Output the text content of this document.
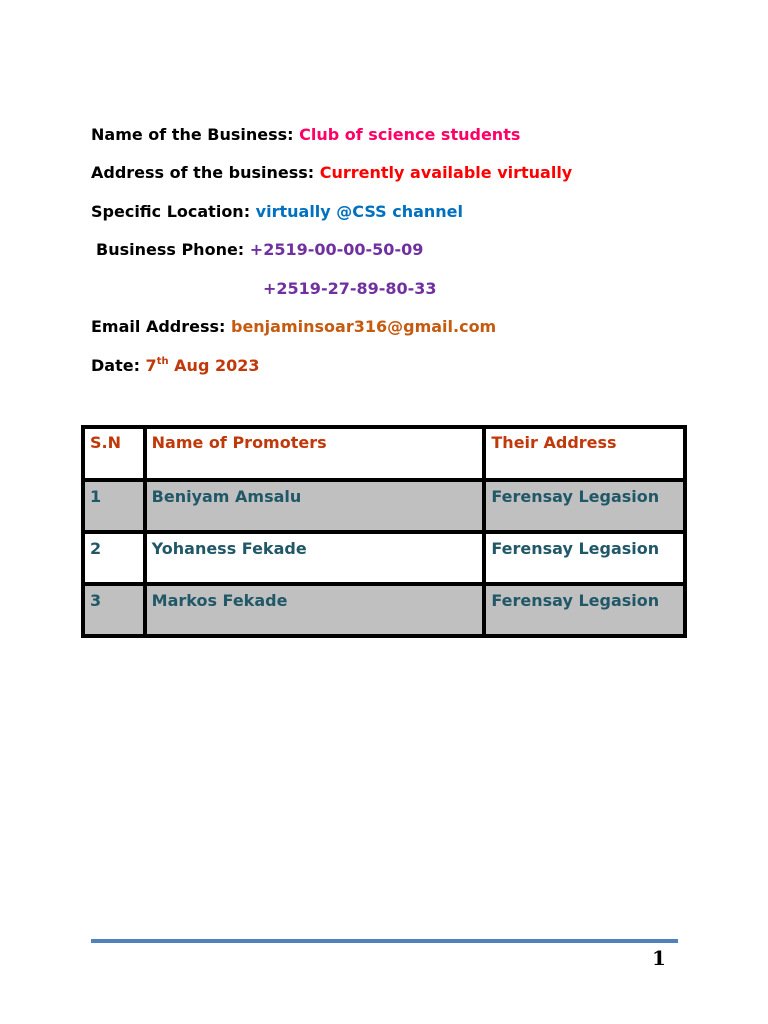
Name of the Business: Club of science students
Address of the business: Currently available virtually
Specific Location: virtually @CSS channel
Business Phone: +2519-00-00-50-09
+2519-27-89-80-33
Email Address: benjaminsoar316@gmail.com
Date: 7th Aug 2023
S.N	Name of Promoters	Their Address
1	Beniyam Amsalu	Ferensay Legasion
2	Yohaness Fekade	Ferensay Legasion
3	Markos Fekade	Ferensay Legasion
1
